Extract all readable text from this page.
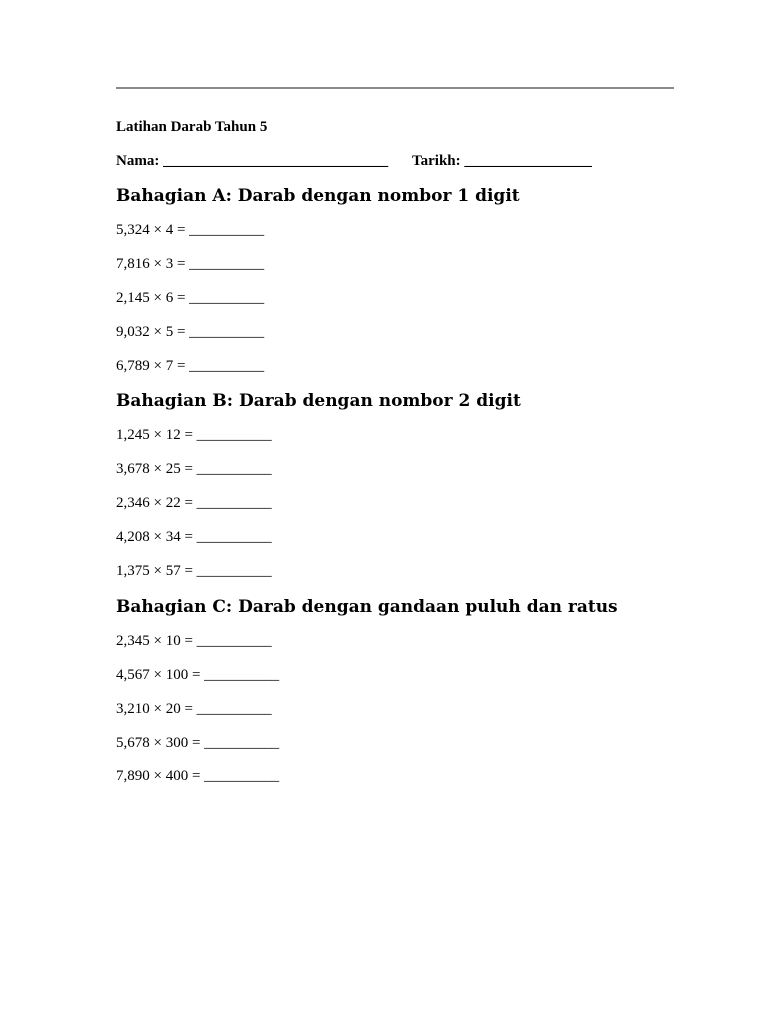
Latihan Darab Tahun 5
Nama: ______________________________ Tarikh: _________________
Bahagian A: Darab dengan nombor 1 digit
5,324 × 4 = __________
7,816 × 3 = __________
2,145 × 6 = __________
9,032 × 5 = __________
6,789 × 7 = __________
Bahagian B: Darab dengan nombor 2 digit
1,245 × 12 = __________
3,678 × 25 = __________
2,346 × 22 = __________
4,208 × 34 = __________
1,375 × 57 = __________
Bahagian C: Darab dengan gandaan puluh dan ratus
2,345 × 10 = __________
4,567 × 100 = __________
3,210 × 20 = __________
5,678 × 300 = __________
7,890 × 400 = __________
